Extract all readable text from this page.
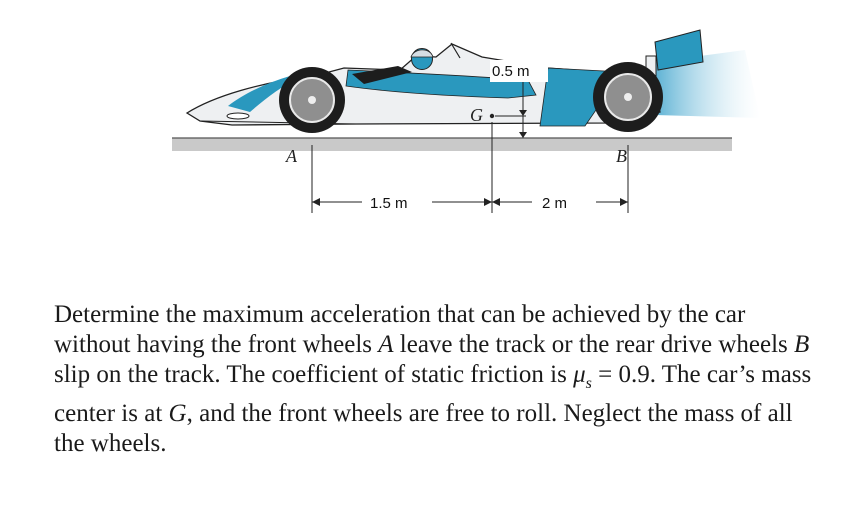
G
0.5 m
A	B
1.5 m	2 m

Determine the maximum acceleration that can be achieved by the car without having the front wheels A leave the track or the rear drive wheels B slip on the track. The coefficient of static friction is $\mu_s = 0.9$. The car’s mass center is at G, and the front wheels are free to roll. Neglect the mass of all the wheels.
